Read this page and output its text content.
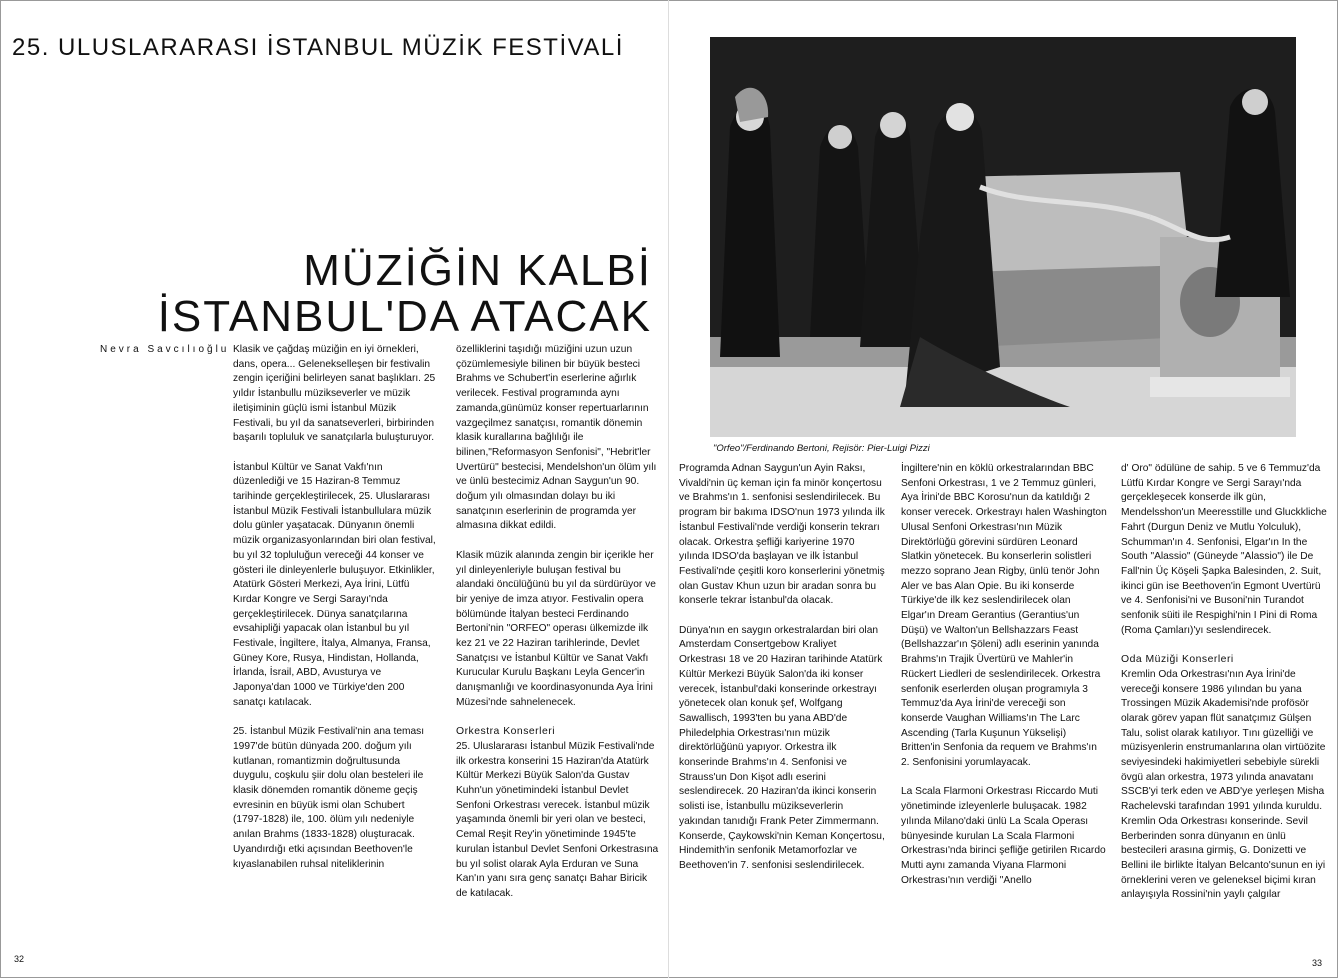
25. ULUSLARARASI İSTANBUL MÜZİK FESTİVALİ
MÜZİĞİN KALBİ
İSTANBUL'DA ATACAK
Nevra Savcılıoğlu Klasik ve çağdaş müziğin en iyi örnekleri, dans, opera... Gelenekselleşen bir festivalin zengin içeriğini belirleyen sanat başlıkları. 25 yıldır İstanbullu müzikseverler ve müzik iletişiminin güçlü ismi İstanbul Müzik Festivali, bu yıl da sanatseverleri, birbirinden başarılı topluluk ve sanatçılarla buluşturuyor.

İstanbul Kültür ve Sanat Vakfı'nın düzenlediği ve 15 Haziran-8 Temmuz tarihinde gerçekleştirilecek, 25. Uluslararası İstanbul Müzik Festivali İstanbullulara müzik dolu günler yaşatacak. Dünyanın önemli müzik organizasyonlarından biri olan festival, bu yıl 32 topluluğun vereceği 44 konser ve gösteri ile dinleyenlerle buluşuyor. Etkinlikler, Atatürk Gösteri Merkezi, Aya İrini, Lütfü Kırdar Kongre ve Sergi Sarayı'nda gerçekleştirilecek. Dünya sanatçılarına evsahipliği yapacak olan İstanbul bu yıl Festivale, İngiltere, İtalya, Almanya, Fransa, Güney Kore, Rusya, Hindistan, Hollanda, İrlanda, İsrail, ABD, Avusturya ve Japonya'dan 1000 ve Türkiye'den 200 sanatçı katılacak.

25. İstanbul Müzik Festivali'nin ana teması 1997'de bütün dünyada 200. doğum yılı kutlanan, romantizmin doğrultusunda duygulu, coşkulu şiir dolu olan besteleri ile klasik dönemden romantik döneme geçiş evresinin en büyük ismi olan Schubert (1797-1828) ile, 100. ölüm yılı nedeniyle anılan Brahms (1833-1828) oluşturacak. Uyandırdığı etki açısından Beethoven'le kıyaslanabilen ruhsal niteliklerinin

özelliklerini taşıdığı müziğini uzun uzun çözümlemesiyle bilinen bir büyük besteci Brahms ve Schubert'in eserlerine ağırlık verilecek. Festival programında aynı zamanda,günümüz konser repertuarlarının vazgeçilmez sanatçısı, romantik dönemin klasik kurallarına bağlılığı ile bilinen,"Reformasyon Senfonisi", "Hebrit'ler Uvertürü" bestecisi, Mendelshon'un ölüm yılı ve ünlü bestecimiz Adnan Saygun'un 90. doğum yılı olmasından dolayı bu iki sanatçının eserlerinin de programda yer almasına dikkat edildi.

Klasik müzik alanında zengin bir içerikle her yıl dinleyenleriyle buluşan festival bu alandaki öncülüğünü bu yıl da sürdürüyor ve bir yeniye de imza atıyor. Festivalin opera bölümünde İtalyan besteci Ferdinando Bertoni'nin "ORFEO" operası ülkemizde ilk kez 21 ve 22 Haziran tarihlerinde, Devlet Sanatçısı ve İstanbul Kültür ve Sanat Vakfı Kurucular Kurulu Başkanı Leyla Gencer'in danışmanlığı ve koordinasyonunda Aya İrini Müzesi'nde sahnelenecek.

Orkestra Konserleri

25. Uluslararası İstanbul Müzik Festivali'nde ilk orkestra konserini 15 Haziran'da Atatürk Kültür Merkezi Büyük Salon'da Gustav Kuhn'un yönetimindeki İstanbul Devlet Senfoni Orkestrası verecek. İstanbul müzik yaşamında önemli bir yeri olan ve besteci, Cemal Reşit Rey'in yönetiminde 1945'te kurulan İstanbul Devlet Senfoni Orkestrasına bu yıl solist olarak Ayla Erduran ve Suna Kan'ın yanı sıra genç sanatçı Bahar Biricik de katılacak.

"Orfeo"/Ferdinando Bertoni, Rejisör: Pier-Luigi Pizzi

Programda Adnan Saygun'un Ayin Raksı, Vivaldi'nin üç keman için fa minör konçertosu ve Brahms'ın 1. senfonisi seslendirilecek. Bu program bir bakıma IDSO'nun 1973 yılında ilk İstanbul Festivali'nde verdiği konserin tekrarı olacak. Orkestra şefliği kariyerine 1970 yılında IDSO'da başlayan ve ilk İstanbul Festivali'nde çeşitli koro konserlerini yönetmiş olan Gustav Khun uzun bir aradan sonra bu konserle tekrar İstanbul'da olacak.

Dünya'nın en saygın orkestralardan biri olan Amsterdam Consertgebow Kraliyet Orkestrası 18 ve 20 Haziran tarihinde Atatürk Kültür Merkezi Büyük Salon'da iki konser verecek, İstanbul'daki konserinde orkestrayı yönetecek olan konuk şef, Wolfgang Sawallisch, 1993'ten bu yana ABD'de Philedelphia Orkestrası'nın müzik direktörlüğünü yapıyor. Orkestra ilk konserinde Brahms'ın 4. Senfonisi ve Strauss'un Don Kişot adlı eserini seslendirecek. 20 Haziran'da ikinci konserin solisti ise, İstanbullu müzikseverlerin yakından tanıdığı Frank Peter Zimmermann. Konserde, Çaykowski'nin Keman Konçertosu, Hindemith'in senfonik Metamorfozlar ve Beethoven'in 7. senfonisi seslendirilecek.

İngiltere'nin en köklü orkestralarından BBC Senfoni Orkestrası, 1 ve 2 Temmuz günleri, Aya İrini'de BBC Korosu'nun da katıldığı 2 konser verecek. Orkestrayı halen Washington Ulusal Senfoni Orkestrası'nın Müzik Direktörlüğü görevini sürdüren Leonard Slatkin yönetecek. Bu konserlerin solistleri mezzo soprano Jean Rigby, ünlü tenör John Aler ve bas Alan Opie. Bu iki konserde Türkiye'de ilk kez seslendirilecek olan Elgar'ın Dream Gerantius (Gerantius'un Düşü) ve Walton'un Bellshazzars Feast (Bellshazzar'ın Şöleni) adlı eserinin yanında Brahms'ın Trajik Üvertürü ve Mahler'in Rückert Liedleri de seslendirilecek. Orkestra senfonik eserlerden oluşan programıyla 3 Temmuz'da Aya İrini'de vereceği son konserde Vaughan Williams'ın The Larc Ascending (Tarla Kuşunun Yükselişi) Britten'in Senfonia da requem ve Brahms'ın 2. Senfonisini yorumlayacak.

La Scala Flarmoni Orkestrası Riccardo Muti yönetiminde izleyenlerle buluşacak. 1982 yılında Milano'daki ünlü La Scala Operası bünyesinde kurulan La Scala Flarmoni Orkestrası'nda birinci şefliğe getirilen Rıcardo Mutti aynı zamanda Viyana Flarmoni Orkestrası'nın verdiği "Anello

d' Oro" ödülüne de sahip. 5 ve 6 Temmuz'da Lütfü Kırdar Kongre ve Sergi Sarayı'nda gerçekleşecek konserde ilk gün, Mendelsshon'un Meeresstille und Gluckkliche Fahrt (Durgun Deniz ve Mutlu Yolculuk), Schumman'ın 4. Senfonisi, Elgar'ın In the South "Alassio" (Güneyde "Alassio") ile De Fall'nin Üç Köşeli Şapka Balesinden, 2. Suit, ikinci gün ise Beethoven'in Egmont Uvertürü ve 4. Senfonisi'ni ve Busoni'nin Turandot senfonik süiti ile Respighi'nin I Pini di Roma (Roma Çamları)'yı seslendirecek.

Oda Müziği Konserleri

Kremlin Oda Orkestrası'nın Aya İrini'de vereceği konsere 1986 yılından bu yana Trossingen Müzik Akademisi'nde profösör olarak görev yapan flüt sanatçımız Gülşen Talu, solist olarak katılıyor. Tını güzelliği ve müzisyenlerin enstrumanlarına olan virtüözite seviyesindeki hakimiyetleri sebebiyle sürekli övgü alan orkestra, 1973 yılında anavatanı SSCB'yi terk eden ve ABD'ye yerleşen Misha Rachelevski tarafından 1991 yılında kuruldu. Kremlin Oda Orkestrası konserinde. Sevil Berberinden sonra dünyanın en ünlü bestecileri arasına girmiş, G. Donizetti ve Bellini ile birlikte İtalyan Belcanto'sunun en iyi örneklerini veren ve geleneksel biçimi kıran anlayışıyla Rossini'nin yaylı çalgılar

32	33
